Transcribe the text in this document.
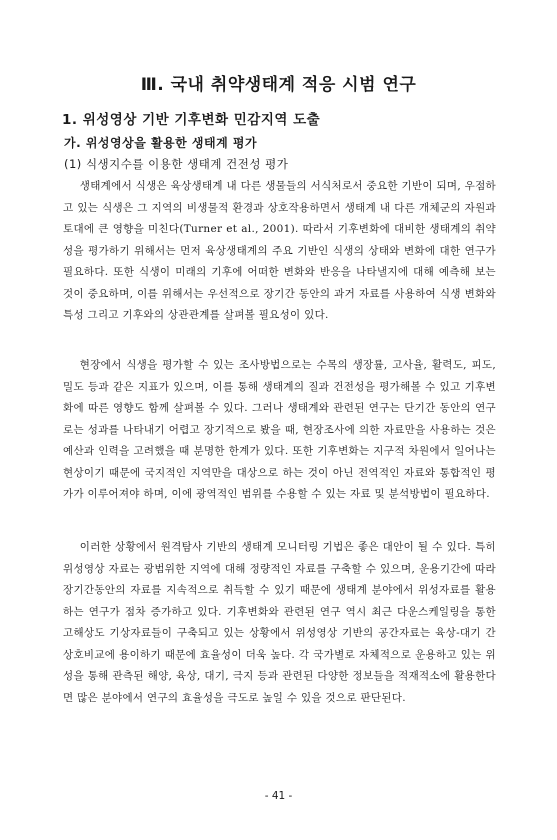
Ⅲ. 국내 취약생태계 적응 시범 연구
1. 위성영상 기반 기후변화 민감지역 도출
가. 위성영상을 활용한 생태계 평가
(1) 식생지수를 이용한 생태계 건전성 평가

생태계에서 식생은 육상생태계 내 다른 생물들의 서식처로서 중요한 기반이 되며, 우점하고 있는 식생은 그 지역의 비생물적 환경과 상호작용하면서 생태계 내 다른 개체군의 자원과 토대에 큰 영향을 미친다(Turner et al., 2001). 따라서 기후변화에 대비한 생태계의 취약성을 평가하기 위해서는 먼저 육상생태계의 주요 기반인 식생의 상태와 변화에 대한 연구가 필요하다. 또한 식생이 미래의 기후에 어떠한 변화와 반응을 나타낼지에 대해 예측해 보는 것이 중요하며, 이를 위해서는 우선적으로 장기간 동안의 과거 자료를 사용하여 식생 변화와 특성 그리고 기후와의 상관관계를 살펴볼 필요성이 있다.

현장에서 식생을 평가할 수 있는 조사방법으로는 수목의 생장률, 고사율, 활력도, 피도, 밀도 등과 같은 지표가 있으며, 이를 통해 생태계의 질과 건전성을 평가해볼 수 있고 기후변화에 따른 영향도 함께 살펴볼 수 있다. 그러나 생태계와 관련된 연구는 단기간 동안의 연구로는 성과를 나타내기 어렵고 장기적으로 봤을 때, 현장조사에 의한 자료만을 사용하는 것은 예산과 인력을 고려했을 때 분명한 한계가 있다. 또한 기후변화는 지구적 차원에서 일어나는 현상이기 때문에 국지적인 지역만을 대상으로 하는 것이 아닌 전역적인 자료와 통합적인 평가가 이루어져야 하며, 이에 광역적인 범위를 수용할 수 있는 자료 및 분석방법이 필요하다.

이러한 상황에서 원격탐사 기반의 생태계 모니터링 기법은 좋은 대안이 될 수 있다. 특히 위성영상 자료는 광범위한 지역에 대해 정량적인 자료를 구축할 수 있으며, 운용기간에 따라 장기간동안의 자료를 지속적으로 취득할 수 있기 때문에 생태계 분야에서 위성자료를 활용하는 연구가 점차 증가하고 있다. 기후변화와 관련된 연구 역시 최근 다운스케일링을 통한 고해상도 기상자료들이 구축되고 있는 상황에서 위성영상 기반의 공간자료는 육상-대기 간 상호비교에 용이하기 때문에 효율성이 더욱 높다. 각 국가별로 자체적으로 운용하고 있는 위성을 통해 관측된 해양, 육상, 대기, 극지 등과 관련된 다양한 정보들을 적재적소에 활용한다면 많은 분야에서 연구의 효율성을 극도로 높일 수 있을 것으로 판단된다.

- 41 -
